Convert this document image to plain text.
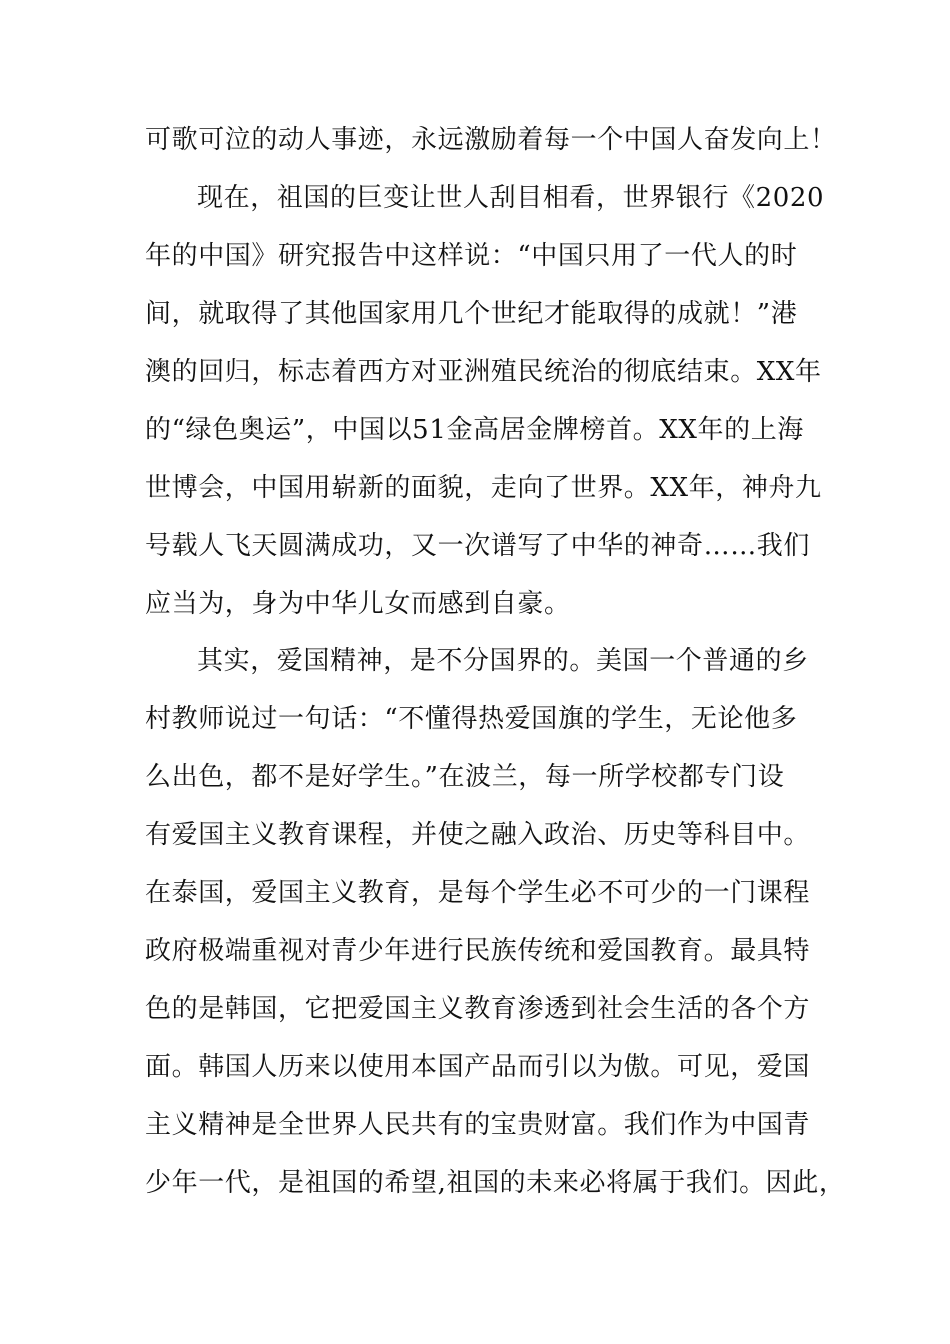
可歌可泣的动人事迹，永远激励着每一个中国人奋发向上！
现在，祖国的巨变让世人刮目相看，世界银行《2020
年的中国》研究报告中这样说：“中国只用了一代人的时
间，就取得了其他国家用几个世纪才能取得的成就！”港
澳的回归，标志着西方对亚洲殖民统治的彻底结束。XX年
的“绿色奥运”，中国以51金高居金牌榜首。XX年的上海
世博会，中国用崭新的面貌，走向了世界。XX年，神舟九
号载人飞天圆满成功，又一次谱写了中华的神奇……我们
应当为，身为中华儿女而感到自豪。
其实，爱国精神，是不分国界的。美国一个普通的乡
村教师说过一句话：“不懂得热爱国旗的学生，无论他多
么出色，都不是好学生。”在波兰，每一所学校都专门设
有爱国主义教育课程，并使之融入政治、历史等科目中。
在泰国，爱国主义教育，是每个学生必不可少的一门课程
政府极端重视对青少年进行民族传统和爱国教育。最具特
色的是韩国，它把爱国主义教育渗透到社会生活的各个方
面。韩国人历来以使用本国产品而引以为傲。可见，爱国
主义精神是全世界人民共有的宝贵财富。我们作为中国青
少年一代，是祖国的希望,祖国的未来必将属于我们。因此，
